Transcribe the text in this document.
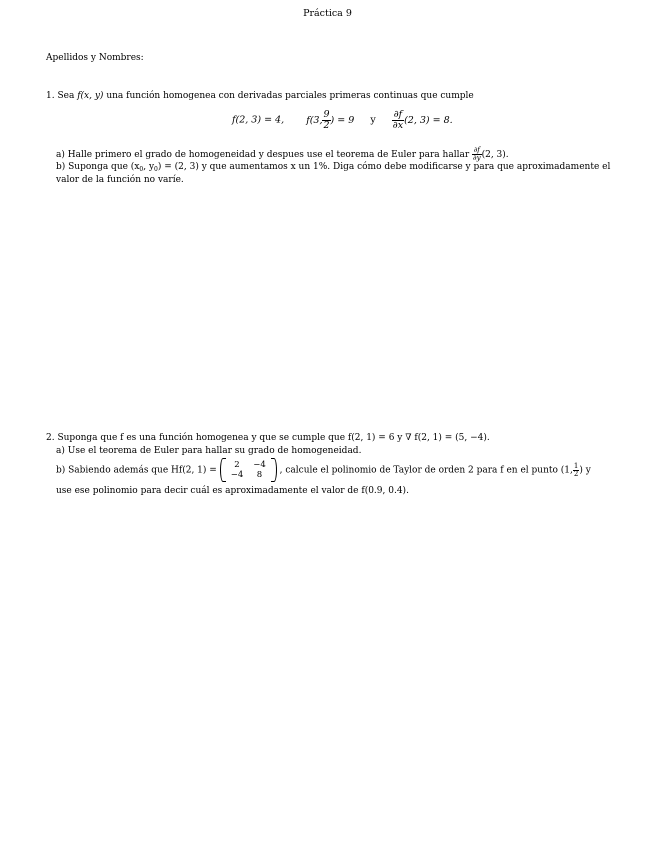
Práctica 9
Apellidos y Nombres:
1. Sea f(x, y) una función homogenea con derivadas parciales primeras continuas que cumple
f(2, 3) = 4, f(3, $\frac{9}{2}$ ) = 9 y $\frac{\partial f}{\partial x} (2$, 3) = 8.
a) Halle primero el grado de homogeneidad y despues use el teorema de Euler para hallar $\frac{\partial f}{\partial y} (2$, 3).
b) Suponga que ($x_0$, $y_0) = (2$, 3) y que aumentamos x un 1%. Diga cómo debe modificarse y para que aproximadamente el
valor de la función no varíe.
2. Suponga que f es una función homogenea y que se cumple que f(2, 1) = 6 y ∇ f(2, 1) = (5, −4).
a) Use el teorema de Euler para hallar su grado de homogeneidad.
b) Sabiendo además que Hf(2, 1) =
2	−4
−4	8 , calcule el polinomio de Taylor de orden 2 para f en el punto (1, $\frac{1}{2}$ ) y
use ese polinomio para decir cuál es aproximadamente el valor de f(0.9, 0.4).
